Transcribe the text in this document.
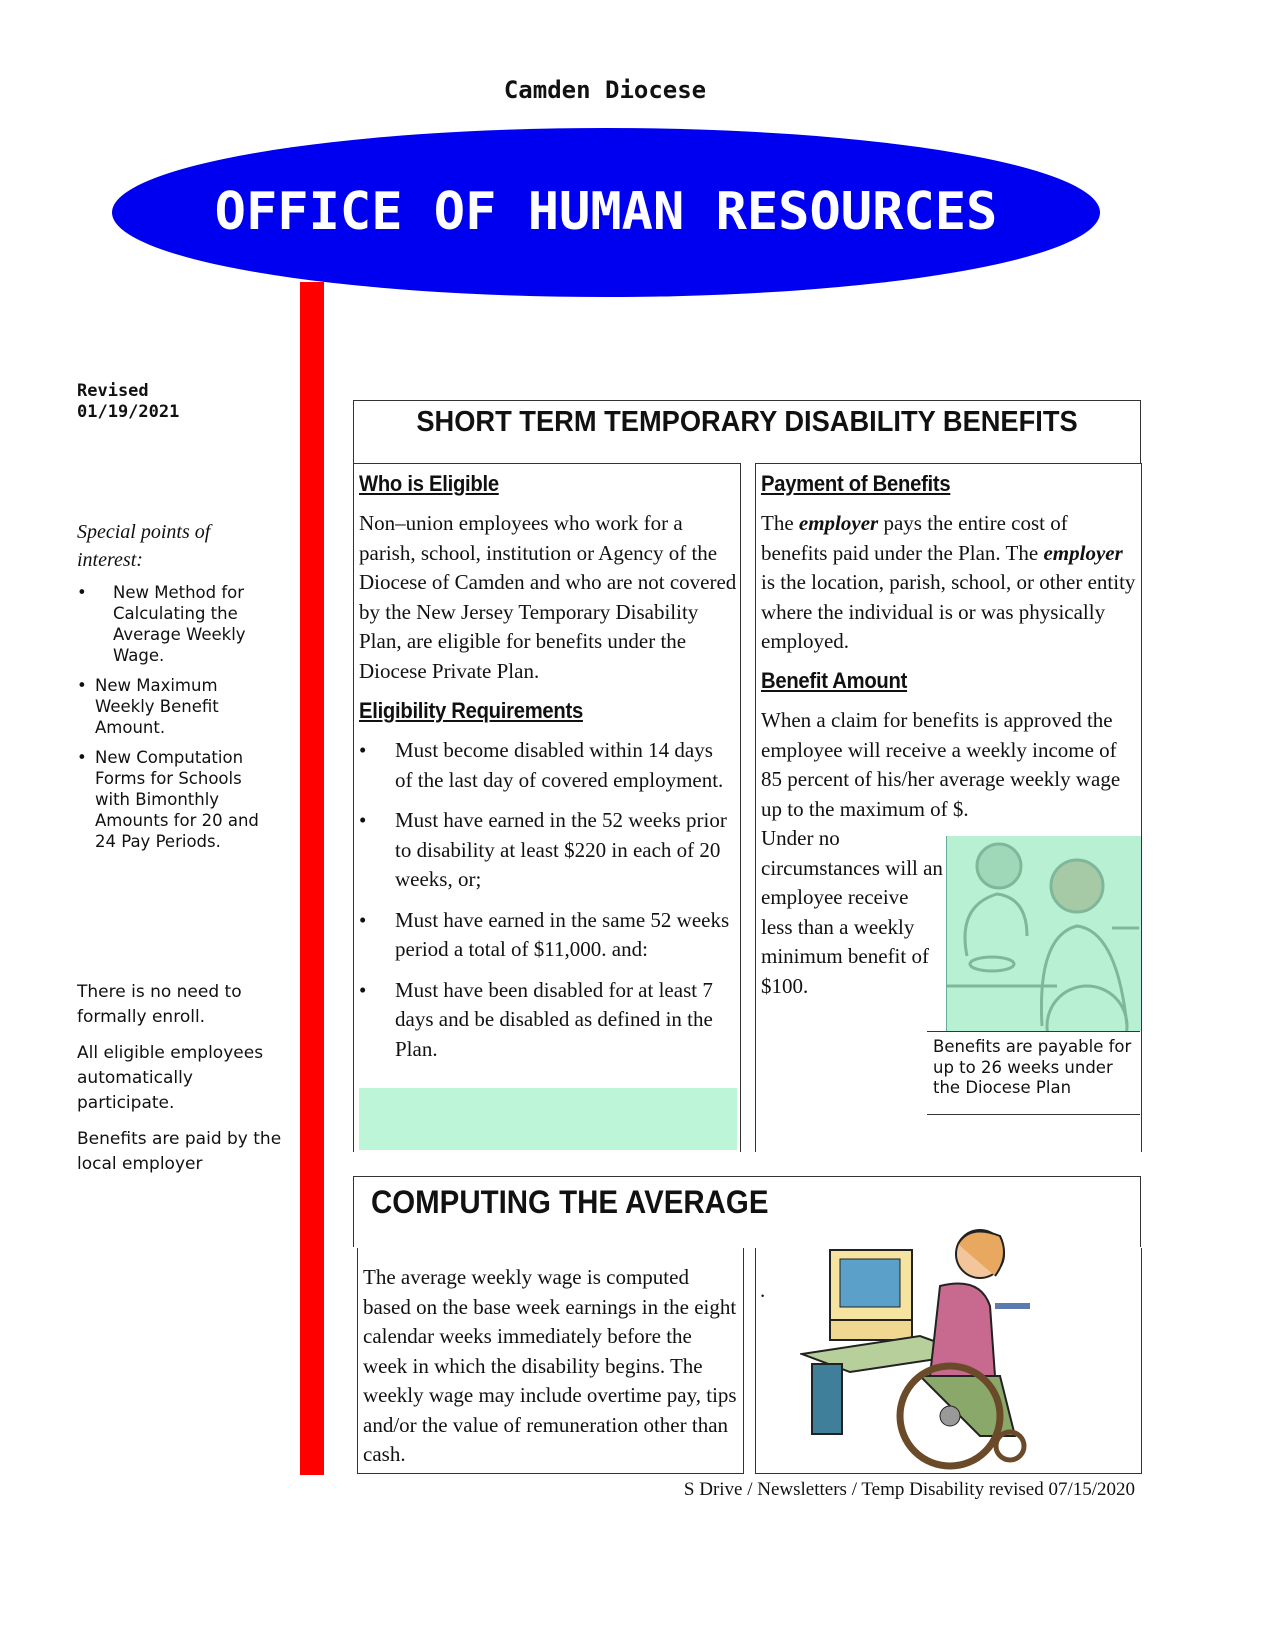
Camden Diocese
OFFICE OF HUMAN RESOURCES
Revised
01/19/2021
Special points of interest:
• New Method for Calculating the Average Weekly Wage.
• New Maximum Weekly Benefit Amount.
• New Computation Forms for Schools with Bimonthly Amounts for 20 and 24 Pay Periods.

There is no need to formally enroll.

All eligible employees automatically participate.

Benefits are paid by the local employer

SHORT TERM TEMPORARY DISABILITY BENEFITS
Who is Eligible
Non–union employees who work for a parish, school, institution or Agency of the Diocese of Camden and who are not covered by the New Jersey Temporary Disability Plan, are eligible for benefits under the Diocese Private Plan.
Eligibility Requirements
• Must become disabled within 14 days of the last day of covered employment.
• Must have earned in the 52 weeks prior to disability at least $220 in each of 20 weeks, or;
• Must have earned in the same 52 weeks period a total of $11,000. and:
• Must have been disabled for at least 7 days and be disabled as defined in the Plan.
Payment of Benefits
The employer pays the entire cost of benefits paid under the Plan. The employer is the location, parish, school, or other entity where the individual is or was physically employed.
Benefit Amount
When a claim for benefits is approved the employee will receive a weekly income of 85 percent of his/her average weekly wage up to the maximum of $.
Under no circumstances will an employee receive less than a weekly minimum benefit of $100.
Benefits are payable for up to 26 weeks under the Diocese Plan
COMPUTING THE AVERAGE
The average weekly wage is computed based on the base week earnings in the eight calendar weeks immediately before the week in which the disability begins. The weekly wage may include overtime pay, tips and/or the value of remuneration other than cash.
.
S Drive / Newsletters / Temp Disability revised 07/15/2020
